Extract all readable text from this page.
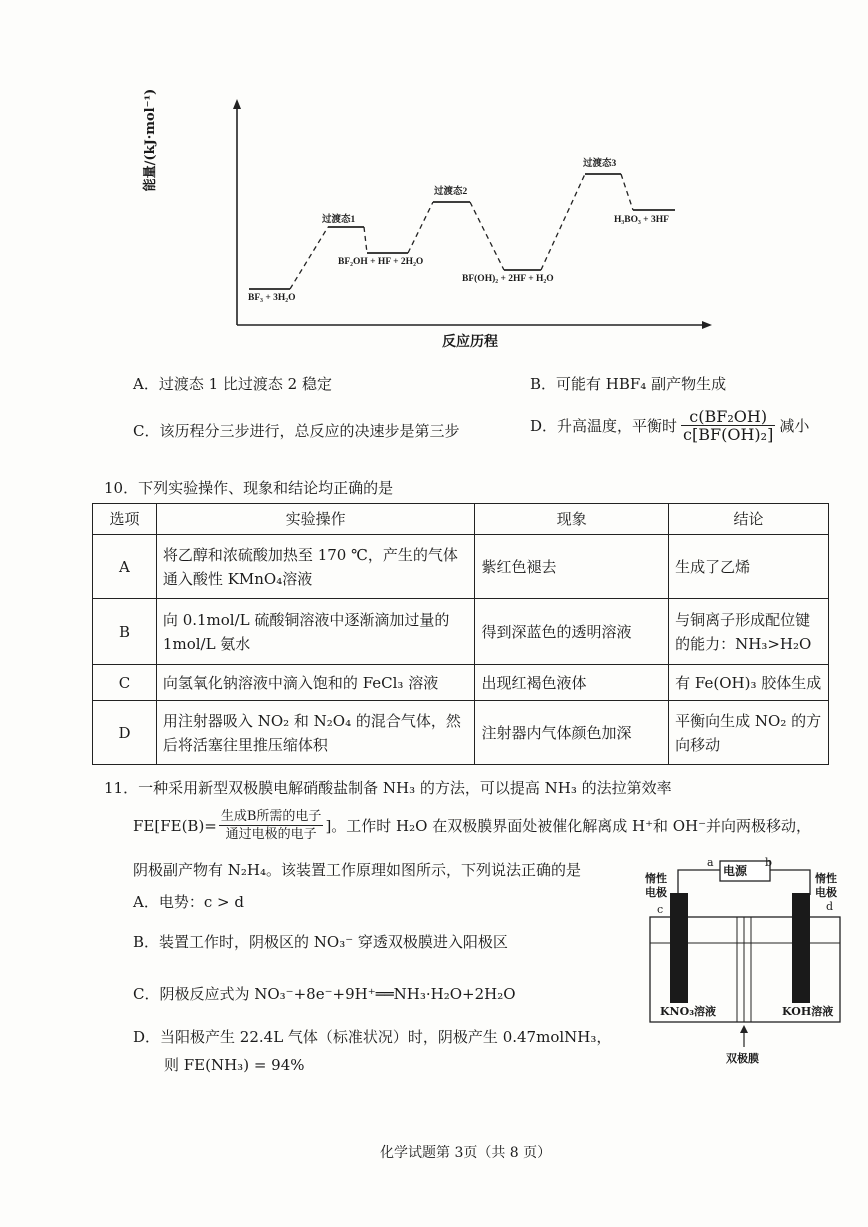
能量/(kJ·mol⁻¹)
反应历程
BF₃ + 3H₂O
过渡态1
BF₂OH + HF + 2H₂O
过渡态2
BF(OH)₂ + 2HF + H₂O
过渡态3
H₃BO₃ + 3HF
A．过渡态 1 比过渡态 2 稳定	B．可能有 HBF₄ 副产物生成
C．该历程分三步进行，总反应的决速步是第三步	D．升高温度，平衡时 $\frac{\text{c(BF₂OH)}}{\text{c[BF(OH)₂]}}$ 减小
10．下列实验操作、现象和结论均正确的是
选项	实验操作	现象	结论
A	将乙醇和浓硫酸加热至 170 ℃，产生的气体通入酸性 KMnO₄溶液	紫红色褪去	生成了乙烯
B	向 0.1mol/L 硫酸铜溶液中逐渐滴加过量的 1mol/L 氨水	得到深蓝色的透明溶液	与铜离子形成配位键的能力：NH₃>H₂O
C	向氢氧化钠溶液中滴入饱和的 FeCl₃ 溶液	出现红褐色液体	有 Fe(OH)₃ 胶体生成
D	用注射器吸入 NO₂ 和 N₂O₄ 的混合气体，然后将活塞往里推压缩体积	注射器内气体颜色加深	平衡向生成 NO₂ 的方向移动
11．一种采用新型双极膜电解硝酸盐制备 NH₃ 的方法，可以提高 NH₃ 的法拉第效率
$FE[FE(B)= \frac{\text{生成B所需的电子}}{\text{通过电极的电子}}$ ]。工作时 H₂O 在双极膜界面处被催化解离成 H⁺和 OH⁻并向两极移动，
阴极副产物有 N₂H₄。该装置工作原理如图所示，下列说法正确的是
A．电势：c > d
B．装置工作时，阴极区的 NO₃⁻ 穿透双极膜进入阳极区
C．阴极反应式为 NO₃⁻+8e⁻+9H⁺══NH₃·H₂O+2H₂O
D．当阳极产生 22.4L 气体（标准状况）时，阴极产生 0.47molNH₃，
则 FE(NH₃) = 94%
电源
a	b
惰性电极
c
惰性电极
d
KNO₃溶液	KOH溶液
双极膜
化学试题第 3页（共 8 页）
